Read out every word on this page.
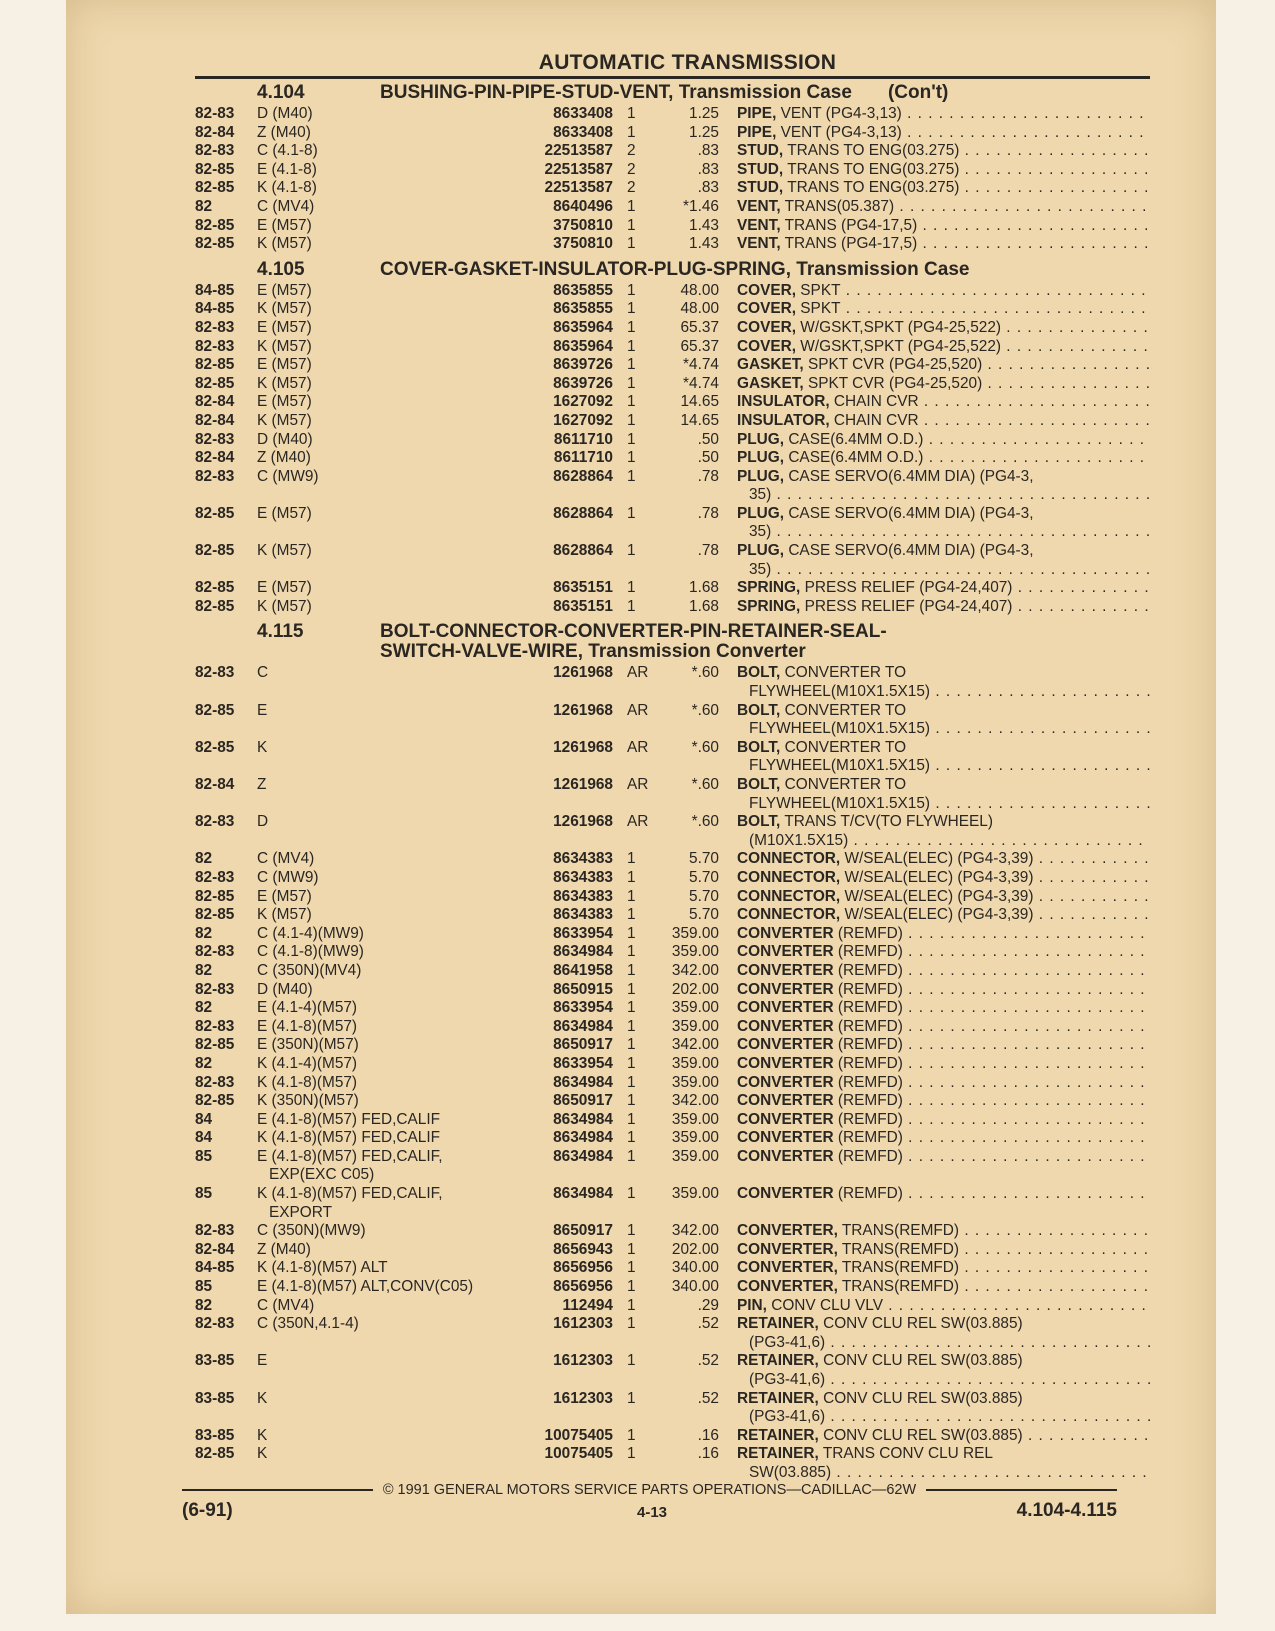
AUTOMATIC TRANSMISSION
4.104	BUSHING-PIN-PIPE-STUD-VENT, Transmission Case (Con't)
82-83	D (M40)	8633408 1	1.25	PIPE, VENT (PG4-3,13) . . .
82-84	Z (M40)	8633408 1	1.25	PIPE, VENT (PG4-3,13) . . .
82-83	C (4.1-8)	22513587 2	.83	STUD, TRANS TO ENG(03.275) . . .
82-85	E (4.1-8)	22513587 2	.83	STUD, TRANS TO ENG(03.275) . . .
82-85	K (4.1-8)	22513587 2	.83	STUD, TRANS TO ENG(03.275) . . .
82	C (MV4)	8640496 1	*1.46	VENT, TRANS(05.387) . . .
82-85	E (M57)	3750810 1	1.43	VENT, TRANS (PG4-17,5) . . .
82-85	K (M57)	3750810 1	1.43	VENT, TRANS (PG4-17,5) . . .
4.105	COVER-GASKET-INSULATOR-PLUG-SPRING, Transmission Case
84-85	E (M57)	8635855 1	48.00	COVER, SPKT . . .
84-85	K (M57)	8635855 1	48.00	COVER, SPKT . . .
82-83	E (M57)	8635964 1	65.37	COVER, W/GSKT,SPKT (PG4-25,522) . . .
82-83	K (M57)	8635964 1	65.37	COVER, W/GSKT,SPKT (PG4-25,522) . . .
82-85	E (M57)	8639726 1	*4.74	GASKET, SPKT CVR (PG4-25,520) . . .
82-85	K (M57)	8639726 1	*4.74	GASKET, SPKT CVR (PG4-25,520) . . .
82-84	E (M57)	1627092 1	14.65	INSULATOR, CHAIN CVR . . .
82-84	K (M57)	1627092 1	14.65	INSULATOR, CHAIN CVR . . .
82-83	D (M40)	8611710 1	.50	PLUG, CASE(6.4MM O.D.) . . .
82-84	Z (M40)	8611710 1	.50	PLUG, CASE(6.4MM O.D.) . . .
82-83	C (MW9)	8628864 1	.78	PLUG, CASE SERVO(6.4MM DIA) (PG4-3,
35) . . .
82-85	E (M57)	8628864 1	.78	PLUG, CASE SERVO(6.4MM DIA) (PG4-3,
35) . . .
82-85	K (M57)	8628864 1	.78	PLUG, CASE SERVO(6.4MM DIA) (PG4-3,
35) . . .
82-85	E (M57)	8635151 1	1.68	SPRING, PRESS RELIEF (PG4-24,407) . . .
82-85	K (M57)	8635151 1	1.68	SPRING, PRESS RELIEF (PG4-24,407) . . .
4.115	BOLT-CONNECTOR-CONVERTER-PIN-RETAINER-SEAL-
SWITCH-VALVE-WIRE, Transmission Converter
82-83	C	1261968 AR	*.60	BOLT, CONVERTER TO
FLYWHEEL(M10X1.5X15) . . .
82-85	E	1261968 AR	*.60	BOLT, CONVERTER TO
FLYWHEEL(M10X1.5X15) . . .
82-85	K	1261968 AR	*.60	BOLT, CONVERTER TO
FLYWHEEL(M10X1.5X15) . . .
82-84	Z	1261968 AR	*.60	BOLT, CONVERTER TO
FLYWHEEL(M10X1.5X15) . . .
82-83	D	1261968 AR	*.60	BOLT, TRANS T/CV(TO FLYWHEEL)
(M10X1.5X15) . . .
82	C (MV4)	8634383 1	5.70	CONNECTOR, W/SEAL(ELEC) (PG4-3,39) . . .
82-83	C (MW9)	8634383 1	5.70	CONNECTOR, W/SEAL(ELEC) (PG4-3,39) . . .
82-85	E (M57)	8634383 1	5.70	CONNECTOR, W/SEAL(ELEC) (PG4-3,39) . . .
82-85	K (M57)	8634383 1	5.70	CONNECTOR, W/SEAL(ELEC) (PG4-3,39) . . .
82	C (4.1-4)(MW9)	8633954 1	359.00	CONVERTER (REMFD) . . .
82-83	C (4.1-8)(MW9)	8634984 1	359.00	CONVERTER (REMFD) . . .
82	C (350N)(MV4)	8641958 1	342.00	CONVERTER (REMFD) . . .
82-83	D (M40)	8650915 1	202.00	CONVERTER (REMFD) . . .
82	E (4.1-4)(M57)	8633954 1	359.00	CONVERTER (REMFD) . . .
82-83	E (4.1-8)(M57)	8634984 1	359.00	CONVERTER (REMFD) . . .
82-85	E (350N)(M57)	8650917 1	342.00	CONVERTER (REMFD) . . .
82	K (4.1-4)(M57)	8633954 1	359.00	CONVERTER (REMFD) . . .
82-83	K (4.1-8)(M57)	8634984 1	359.00	CONVERTER (REMFD) . . .
82-85	K (350N)(M57)	8650917 1	342.00	CONVERTER (REMFD) . . .
84	E (4.1-8)(M57) FED,CALIF	8634984 1	359.00	CONVERTER (REMFD) . . .
84	K (4.1-8)(M57) FED,CALIF	8634984 1	359.00	CONVERTER (REMFD) . . .
85	E (4.1-8)(M57) FED,CALIF,
EXP(EXC C05)
8634984 1	359.00	CONVERTER (REMFD) . . .
85	K (4.1-8)(M57) FED,CALIF,
EXPORT
8634984 1	359.00	CONVERTER (REMFD) . . .
82-83	C (350N)(MW9)	8650917 1	342.00	CONVERTER, TRANS(REMFD) . . .
82-84	Z (M40)	8656943 1	202.00	CONVERTER, TRANS(REMFD) . . .
84-85	K (4.1-8)(M57) ALT	8656956 1	340.00	CONVERTER, TRANS(REMFD) . . .
85	E (4.1-8)(M57) ALT,CONV(C05)	8656956 1	340.00	CONVERTER, TRANS(REMFD) . . .
82	C (MV4)	112494 1	.29	PIN, CONV CLU VLV . . .
82-83	C (350N,4.1-4)	1612303 1	.52	RETAINER, CONV CLU REL SW(03.885)
(PG3-41,6) . . .
83-85	E	1612303 1	.52	RETAINER, CONV CLU REL SW(03.885)
(PG3-41,6) . . .
83-85	K	1612303 1	.52	RETAINER, CONV CLU REL SW(03.885)
(PG3-41,6) . . .
83-85	K	10075405 1	.16	RETAINER, CONV CLU REL SW(03.885) . . .
82-85	K	10075405 1	.16	RETAINER, TRANS CONV CLU REL
SW(03.885) . . .
© 1991 GENERAL MOTORS SERVICE PARTS OPERATIONS—CADILLAC—62W
(6-91)	4-13	4.104-4.115
